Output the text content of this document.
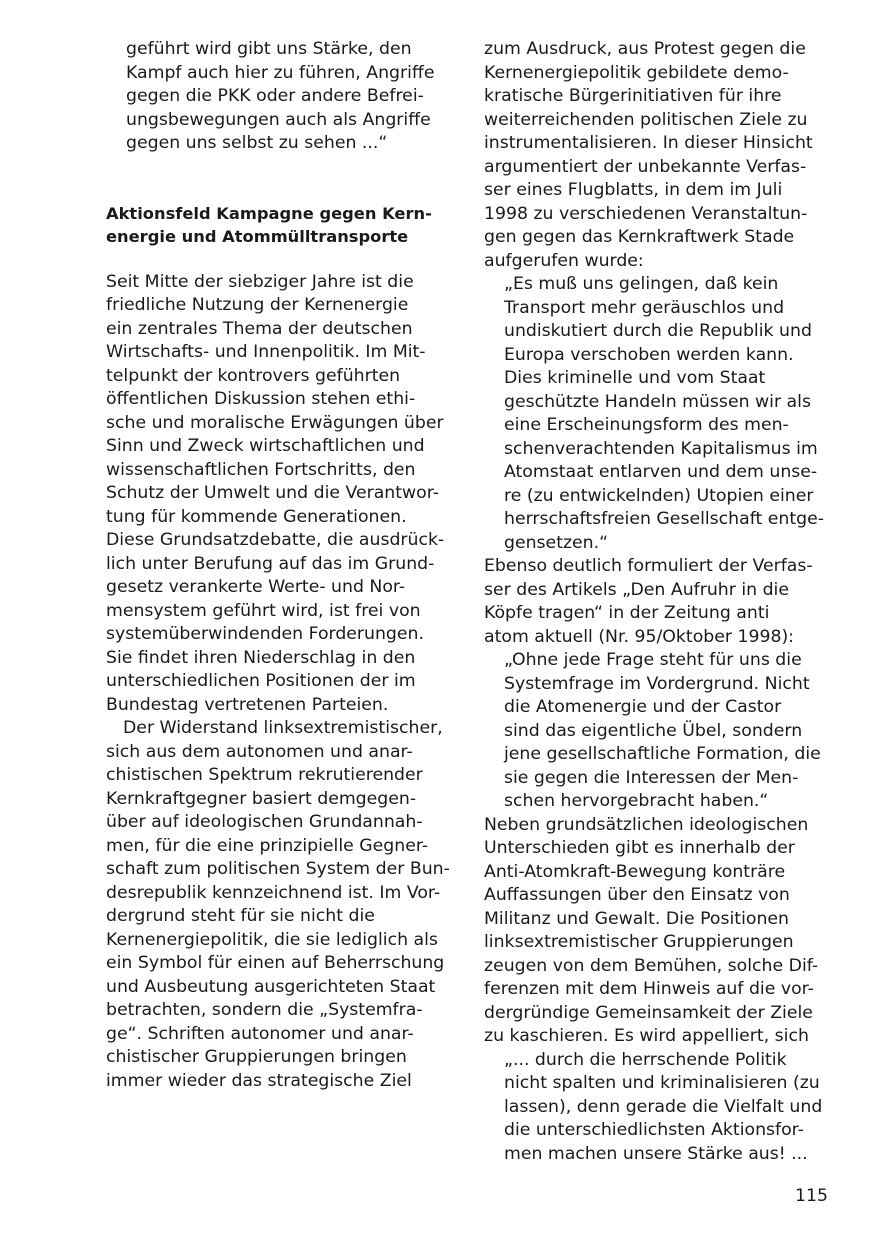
geführt wird gibt uns Stärke, den
Kampf auch hier zu führen, Angriffe
gegen die PKK oder andere Befrei-
ungsbewegungen auch als Angriffe
gegen uns selbst zu sehen ...“
Aktionsfeld Kampagne gegen Kern-
energie und Atommülltransporte
Seit Mitte der siebziger Jahre ist die
friedliche Nutzung der Kernenergie
ein zentrales Thema der deutschen
Wirtschafts- und Innenpolitik. Im Mit-
telpunkt der kontrovers geführten
öffentlichen Diskussion stehen ethi-
sche und moralische Erwägungen über
Sinn und Zweck wirtschaftlichen und
wissenschaftlichen Fortschritts, den
Schutz der Umwelt und die Verantwor-
tung für kommende Generationen.
Diese Grundsatzdebatte, die ausdrück-
lich unter Berufung auf das im Grund-
gesetz verankerte Werte- und Nor-
mensystem geführt wird, ist frei von
systemüberwindenden Forderungen.
Sie findet ihren Niederschlag in den
unterschiedlichen Positionen der im
Bundestag vertretenen Parteien.
Der Widerstand linksextremistischer,
sich aus dem autonomen und anar-
chistischen Spektrum rekrutierender
Kernkraftgegner basiert demgegen-
über auf ideologischen Grundannah-
men, für die eine prinzipielle Gegner-
schaft zum politischen System der Bun-
desrepublik kennzeichnend ist. Im Vor-
dergrund steht für sie nicht die
Kernenergiepolitik, die sie lediglich als
ein Symbol für einen auf Beherrschung
und Ausbeutung ausgerichteten Staat
betrachten, sondern die „Systemfra-
ge“. Schriften autonomer und anar-
chistischer Gruppierungen bringen
immer wieder das strategische Ziel
zum Ausdruck, aus Protest gegen die
Kernenergiepolitik gebildete demo-
kratische Bürgerinitiativen für ihre
weiterreichenden politischen Ziele zu
instrumentalisieren. In dieser Hinsicht
argumentiert der unbekannte Verfas-
ser eines Flugblatts, in dem im Juli
1998 zu verschiedenen Veranstaltun-
gen gegen das Kernkraftwerk Stade
aufgerufen wurde:
„Es muß uns gelingen, daß kein
Transport mehr geräuschlos und
undiskutiert durch die Republik und
Europa verschoben werden kann.
Dies kriminelle und vom Staat
geschützte Handeln müssen wir als
eine Erscheinungsform des men-
schenverachtenden Kapitalismus im
Atomstaat entlarven und dem unse-
re (zu entwickelnden) Utopien einer
herrschaftsfreien Gesellschaft entge-
gensetzen.“
Ebenso deutlich formuliert der Verfas-
ser des Artikels „Den Aufruhr in die
Köpfe tragen“ in der Zeitung anti
atom aktuell (Nr. 95/Oktober 1998):
„Ohne jede Frage steht für uns die
Systemfrage im Vordergrund. Nicht
die Atomenergie und der Castor
sind das eigentliche Übel, sondern
jene gesellschaftliche Formation, die
sie gegen die Interessen der Men-
schen hervorgebracht haben.“
Neben grundsätzlichen ideologischen
Unterschieden gibt es innerhalb der
Anti-Atomkraft-Bewegung konträre
Auffassungen über den Einsatz von
Militanz und Gewalt. Die Positionen
linksextremistischer Gruppierungen
zeugen von dem Bemühen, solche Dif-
ferenzen mit dem Hinweis auf die vor-
dergründige Gemeinsamkeit der Ziele
zu kaschieren. Es wird appelliert, sich
„... durch die herrschende Politik
nicht spalten und kriminalisieren (zu
lassen), denn gerade die Vielfalt und
die unterschiedlichsten Aktionsfor-
men machen unsere Stärke aus! ...
115
